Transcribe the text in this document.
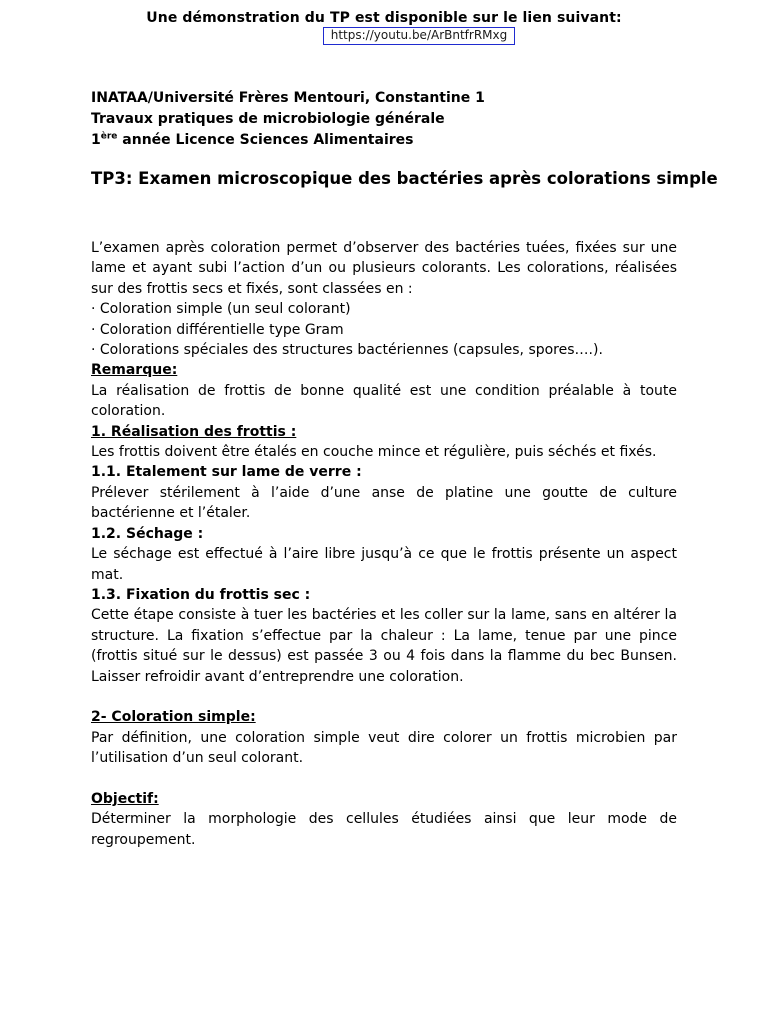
Une démonstration du TP est disponible sur le lien suivant:
https://youtu.be/ArBntfrRMxg
INATAA/Université Frères Mentouri, Constantine 1
Travaux pratiques de microbiologie générale
1ère année Licence Sciences Alimentaires
TP3: Examen microscopique des bactéries après colorations simple
L’examen après coloration permet d’observer des bactéries tuées, fixées sur une lame et ayant subi l’action d’un ou plusieurs colorants. Les colorations, réalisées sur des frottis secs et fixés, sont classées en :
· Coloration simple (un seul colorant)
· Coloration différentielle type Gram
· Colorations spéciales des structures bactériennes (capsules, spores….).
Remarque:
La réalisation de frottis de bonne qualité est une condition préalable à toute coloration.
1. Réalisation des frottis :
Les frottis doivent être étalés en couche mince et régulière, puis séchés et fixés.
1.1. Etalement sur lame de verre :
Prélever stérilement à l’aide d’une anse de platine une goutte de culture bactérienne et l’étaler.
1.2. Séchage :
Le séchage est effectué à l’aire libre jusqu’à ce que le frottis présente un aspect mat.
1.3. Fixation du frottis sec :
Cette étape consiste à tuer les bactéries et les coller sur la lame, sans en altérer la structure. La fixation s’effectue par la chaleur : La lame, tenue par une pince (frottis situé sur le dessus) est passée 3 ou 4 fois dans la flamme du bec Bunsen. Laisser refroidir avant d’entreprendre une coloration.
2- Coloration simple:
Par définition, une coloration simple veut dire colorer un frottis microbien par l’utilisation d’un seul colorant.
Objectif:
Déterminer la morphologie des cellules étudiées ainsi que leur mode de regroupement.
